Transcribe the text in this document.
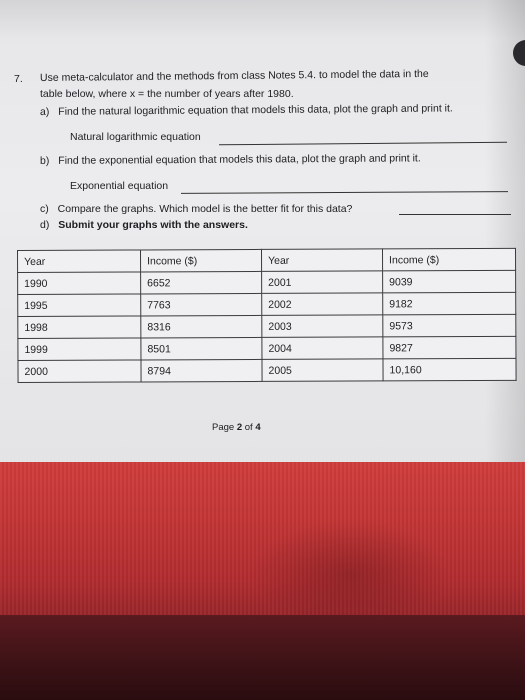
7. Use meta-calculator and the methods from class Notes 5.4. to model the data in the
table below, where x = the number of years after 1980.
a) Find the natural logarithmic equation that models this data, plot the graph and print it.
Natural logarithmic equation
b) Find the exponential equation that models this data, plot the graph and print it.
Exponential equation
c) Compare the graphs. Which model is the better fit for this data?
d) Submit your graphs with the answers.
Year	Income ($)	Year	Income ($)
1990	6652	2001	9039
1995	7763	2002	9182
1998	8316	2003	9573
1999	8501	2004	9827
2000	8794	2005	10,160
Page 2 of 4
